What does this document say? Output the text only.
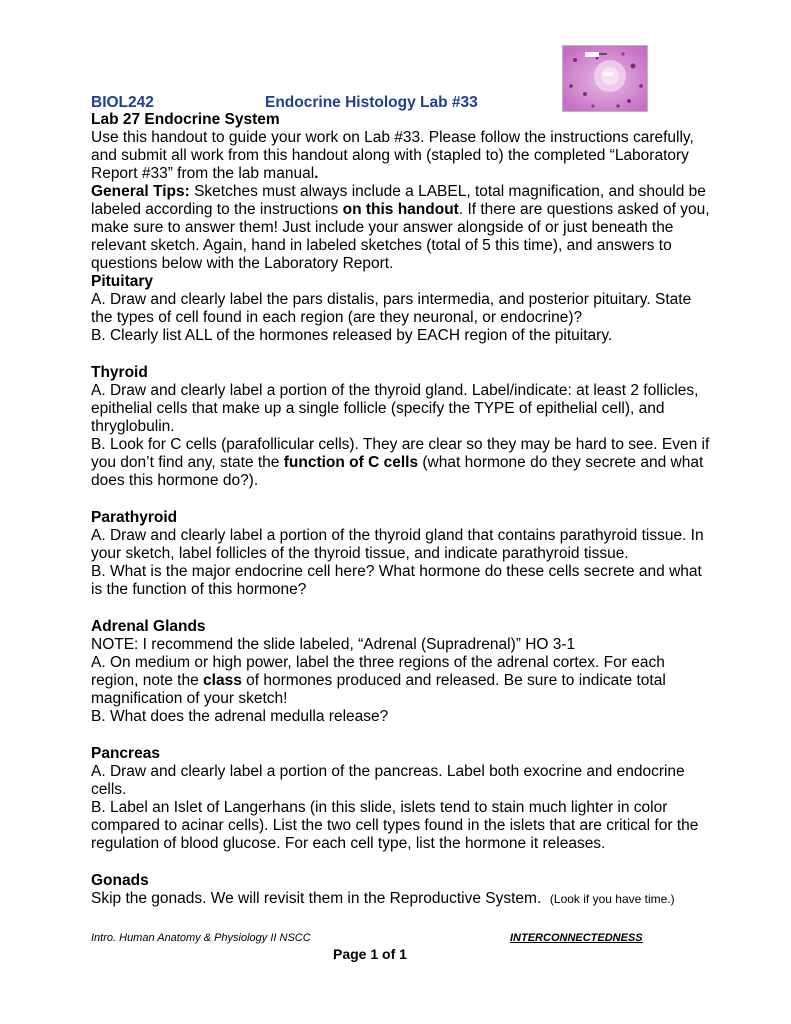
BIOL242	Endocrine Histology Lab #33

Lab 27 Endocrine System

Use this handout to guide your work on Lab #33. Please follow the instructions carefully, and submit all work from this handout along with (stapled to) the completed “Laboratory Report #33” from the lab manual.

General Tips: Sketches must always include a LABEL, total magnification, and should be labeled according to the instructions on this handout. If there are questions asked of you, make sure to answer them! Just include your answer alongside of or just beneath the relevant sketch. Again, hand in labeled sketches (total of 5 this time), and answers to questions below with the Laboratory Report.

Pituitary

A. Draw and clearly label the pars distalis, pars intermedia, and posterior pituitary. State the types of cell found in each region (are they neuronal, or endocrine)?

B. Clearly list ALL of the hormones released by EACH region of the pituitary.

Thyroid

A. Draw and clearly label a portion of the thyroid gland. Label/indicate: at least 2 follicles, epithelial cells that make up a single follicle (specify the TYPE of epithelial cell), and thryglobulin.

B. Look for C cells (parafollicular cells). They are clear so they may be hard to see. Even if you don’t find any, state the function of C cells (what hormone do they secrete and what does this hormone do?).

Parathyroid

A. Draw and clearly label a portion of the thyroid gland that contains parathyroid tissue. In your sketch, label follicles of the thyroid tissue, and indicate parathyroid tissue.

B. What is the major endocrine cell here? What hormone do these cells secrete and what is the function of this hormone?

Adrenal Glands

NOTE: I recommend the slide labeled, “Adrenal (Supradrenal)” HO 3-1

A. On medium or high power, label the three regions of the adrenal cortex. For each region, note the class of hormones produced and released. Be sure to indicate total magnification of your sketch!

B. What does the adrenal medulla release?

Pancreas

A. Draw and clearly label a portion of the pancreas. Label both exocrine and endocrine cells.

B. Label an Islet of Langerhans (in this slide, islets tend to stain much lighter in color compared to acinar cells). List the two cell types found in the islets that are critical for the regulation of blood glucose. For each cell type, list the hormone it releases.

Gonads

Skip the gonads. We will revisit them in the Reproductive System. (Look if you have time.)

Intro. Human Anatomy & Physiology II NSCC	INTERCONNECTEDNESS
Page 1 of 1
